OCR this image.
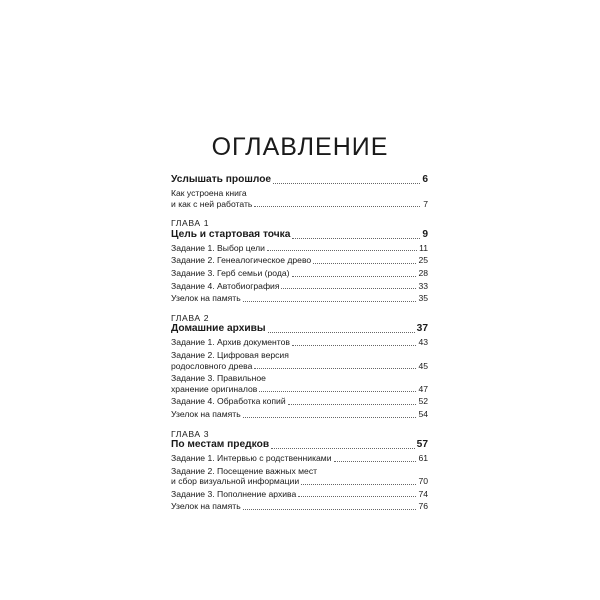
ОГЛАВЛЕНИЕ
Услышать прошлое	6
Как устроена книга
и как с ней работать	7
ГЛАВА 1
Цель и стартовая точка	9
Задание 1. Выбор цели	11
Задание 2. Генеалогическое древо	25
Задание 3. Герб семьи (рода)	28
Задание 4. Автобиография	33
Узелок на память	35
ГЛАВА 2
Домашние архивы	37
Задание 1. Архив документов	43
Задание 2. Цифровая версия
родословного древа	45
Задание 3. Правильное
хранение оригиналов	47
Задание 4. Обработка копий	52
Узелок на память	54
ГЛАВА 3
По местам предков	57
Задание 1. Интервью с родственниками	61
Задание 2. Посещение важных мест
и сбор визуальной информации	70
Задание 3. Пополнение архива	74
Узелок на память	76
